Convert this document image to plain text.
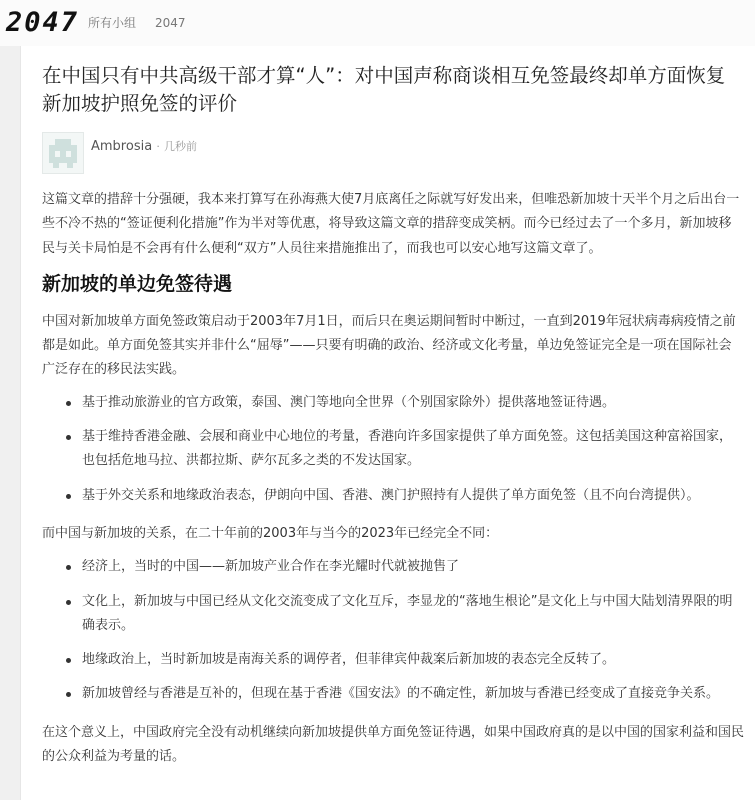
2047 所有小组 2047
在中国只有中共高级干部才算“人”：对中国声称商谈相互免签最终却单方面恢复新加坡护照免签的评价
Ambrosia · 几秒前

这篇文章的措辞十分强硬，我本来打算写在孙海燕大使7月底离任之际就写好发出来，但唯恐新加坡十天半个月之后出台一些不冷不热的“签证便利化措施”作为半对等优惠，将导致这篇文章的措辞变成笑柄。而今已经过去了一个多月，新加坡移民与关卡局怕是不会再有什么便利“双方”人员往来措施推出了，而我也可以安心地写这篇文章了。

新加坡的单边免签待遇

中国对新加坡单方面免签政策启动于2003年7月1日，而后只在奥运期间暂时中断过，一直到2019年冠状病毒病疫情之前都是如此。单方面免签其实并非什么“屈辱”——只要有明确的政治、经济或文化考量，单边免签证完全是一项在国际社会广泛存在的移民法实践。

基于推动旅游业的官方政策，泰国、澳门等地向全世界（个别国家除外）提供落地签证待遇。
基于维持香港金融、会展和商业中心地位的考量，香港向许多国家提供了单方面免签。这包括美国这种富裕国家，也包括危地马拉、洪都拉斯、萨尔瓦多之类的不发达国家。
基于外交关系和地缘政治表态，伊朗向中国、香港、澳门护照持有人提供了单方面免签（且不向台湾提供）。

而中国与新加坡的关系，在二十年前的2003年与当今的2023年已经完全不同：

经济上，当时的中国——新加坡产业合作在李光耀时代就被抛售了
文化上，新加坡与中国已经从文化交流变成了文化互斥，李显龙的“落地生根论”是文化上与中国大陆划清界限的明确表示。
地缘政治上，当时新加坡是南海关系的调停者，但菲律宾仲裁案后新加坡的表态完全反转了。
新加坡曾经与香港是互补的，但现在基于香港《国安法》的不确定性，新加坡与香港已经变成了直接竞争关系。

在这个意义上，中国政府完全没有动机继续向新加坡提供单方面免签证待遇，如果中国政府真的是以中国的国家利益和国民的公众利益为考量的话。
